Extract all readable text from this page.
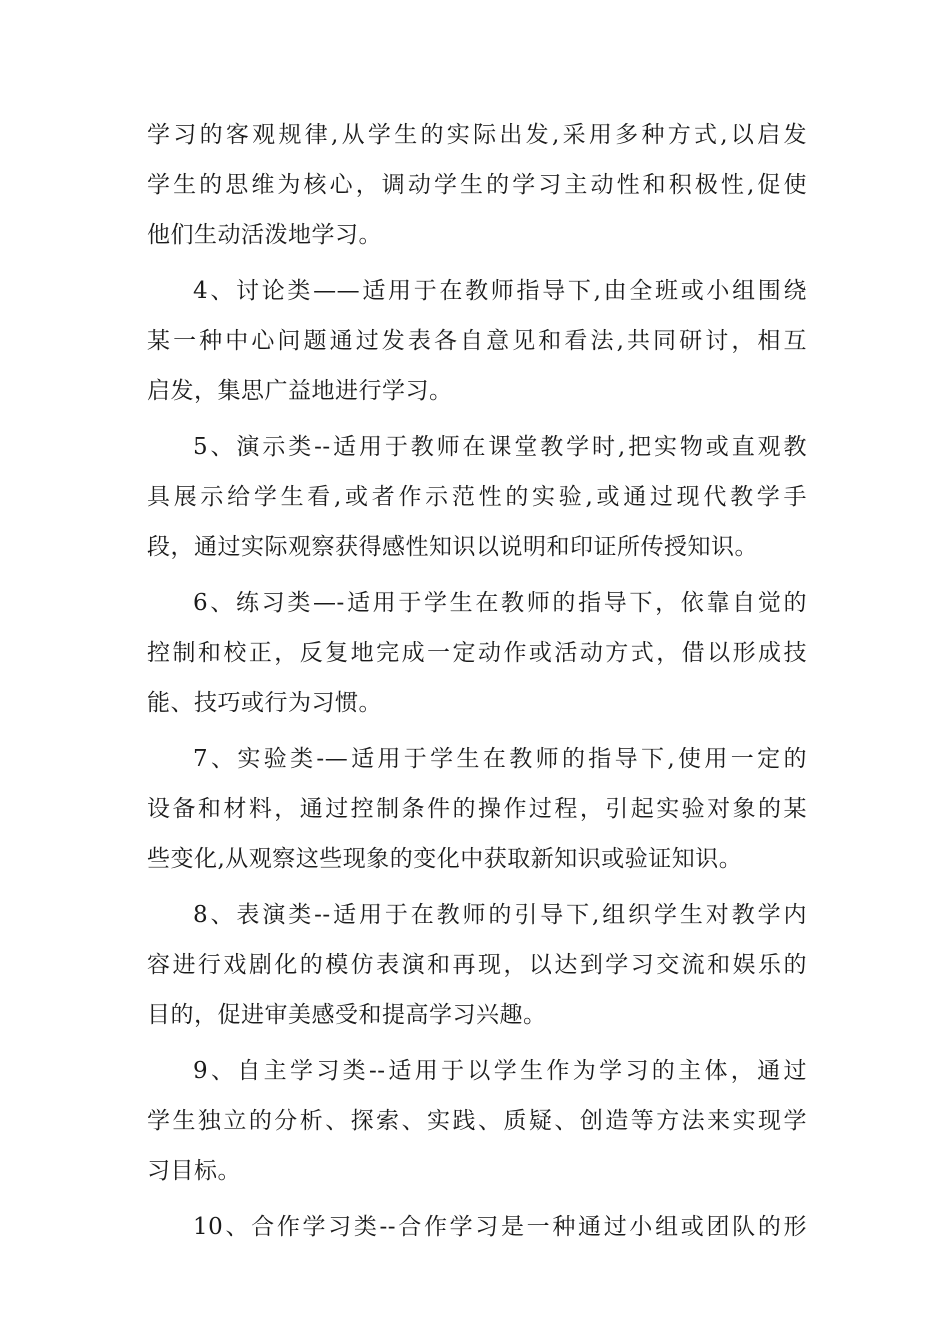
学习的客观规律,从学生的实际出发,采用多种方式,以启发
学生的思维为核心，调动学生的学习主动性和积极性,促使
他们生动活泼地学习。
4、讨论类——适用于在教师指导下,由全班或小组围绕
某一种中心问题通过发表各自意见和看法,共同研讨，相互
启发，集思广益地进行学习。
5、演示类--适用于教师在课堂教学时,把实物或直观教
具展示给学生看,或者作示范性的实验,或通过现代教学手
段，通过实际观察获得感性知识以说明和印证所传授知识。
6、练习类—-适用于学生在教师的指导下，依靠自觉的
控制和校正，反复地完成一定动作或活动方式，借以形成技
能、技巧或行为习惯。
7、实验类-—适用于学生在教师的指导下,使用一定的
设备和材料，通过控制条件的操作过程，引起实验对象的某
些变化,从观察这些现象的变化中获取新知识或验证知识。
8、表演类--适用于在教师的引导下,组织学生对教学内
容进行戏剧化的模仿表演和再现，以达到学习交流和娱乐的
目的，促进审美感受和提高学习兴趣。
9、自主学习类--适用于以学生作为学习的主体，通过
学生独立的分析、探索、实践、质疑、创造等方法来实现学
习目标。
10、合作学习类--合作学习是一种通过小组或团队的形
